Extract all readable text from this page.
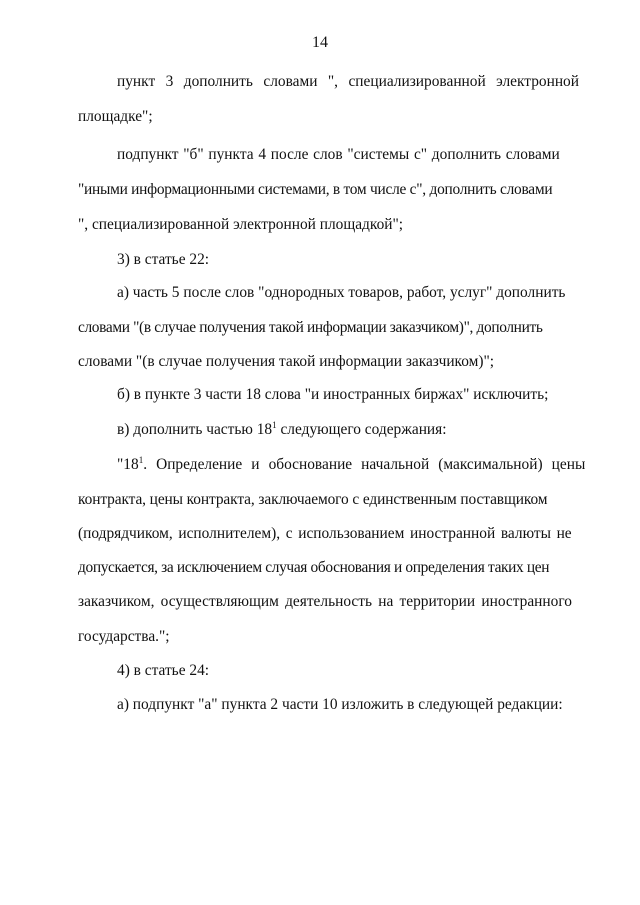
14
пункт 3 дополнить словами ", специализированной электронной
площадке";
подпункт "б" пункта 4 после слов "системы с" дополнить словами
"иными информационными системами, в том числе с", дополнить словами
", специализированной электронной площадкой";
3) в статье 22:
а) часть 5 после слов "однородных товаров, работ, услуг" дополнить
словами "(в случае получения такой информации заказчиком)", дополнить
словами "(в случае получения такой информации заказчиком)";
б) в пункте 3 части 18 слова "и иностранных биржах" исключить;
в) дополнить частью $18^1$ следующего содержания:
"$18^1$. Определение и обоснование начальной (максимальной) цены
контракта, цены контракта, заключаемого с единственным поставщиком
(подрядчиком, исполнителем), с использованием иностранной валюты не
допускается, за исключением случая обоснования и определения таких цен
заказчиком, осуществляющим деятельность на территории иностранного
государства.";
4) в статье 24:
а) подпункт "а" пункта 2 части 10 изложить в следующей редакции:
